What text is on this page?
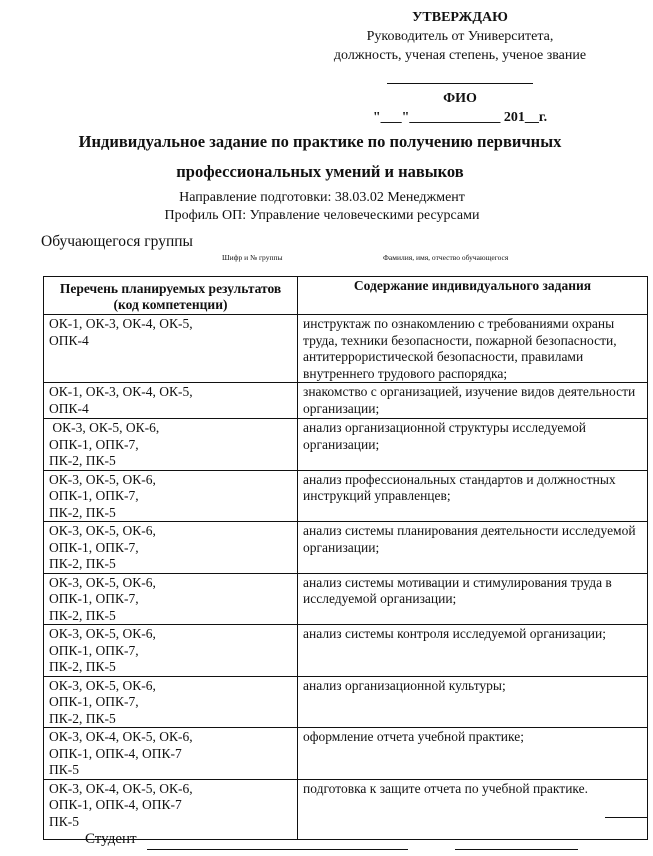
УТВЕРЖДАЮ
Руководитель от Университета,
должность, ученая степень, ученое звание
ФИО
"___"_____________ 201__г.
Индивидуальное задание по практике по получению первичных
профессиональных умений и навыков
Направление подготовки: 38.03.02 Менеджмент
Профиль ОП: Управление человеческими ресурсами
Обучающегося группы
Шифр и № группы	Фамилия, имя, отчество обучающегося
Перечень планируемых результатов (код компетенции)	Содержание индивидуального задания

ОК-1, ОК-3, ОК-4, ОК-5,
ОПК-4	инструктаж по ознакомлению с требованиями охраны труда, техники безопасности, пожарной безопасности, антитеррористической безопасности, правилами внутреннего трудового распорядка;

ОК-1, ОК-3, ОК-4, ОК-5,
ОПК-4	знакомство с организацией, изучение видов деятельности организации;

ОК-3, ОК-5, ОК-6,
ОПК-1, ОПК-7,
ПК-2, ПК-5	анализ организационной структуры исследуемой организации;

ОК-3, ОК-5, ОК-6,
ОПК-1, ОПК-7,
ПК-2, ПК-5	анализ профессиональных стандартов и должностных инструкций управленцев;

ОК-3, ОК-5, ОК-6,
ОПК-1, ОПК-7,
ПК-2, ПК-5	анализ системы планирования деятельности исследуемой организации;

ОК-3, ОК-5, ОК-6,
ОПК-1, ОПК-7,
ПК-2, ПК-5	анализ системы мотивации и стимулирования труда в исследуемой организации;

ОК-3, ОК-5, ОК-6,
ОПК-1, ОПК-7,
ПК-2, ПК-5	анализ системы контроля исследуемой организации;

ОК-3, ОК-5, ОК-6,
ОПК-1, ОПК-7,
ПК-2, ПК-5	анализ организационной культуры;

ОК-3, ОК-4, ОК-5, ОК-6,
ОПК-1, ОПК-4, ОПК-7
ПК-5	оформление отчета учебной практике;

ОК-3, ОК-4, ОК-5, ОК-6,
ОПК-1, ОПК-4, ОПК-7
ПК-5	подготовка к защите отчета по учебной практике.
Студент
